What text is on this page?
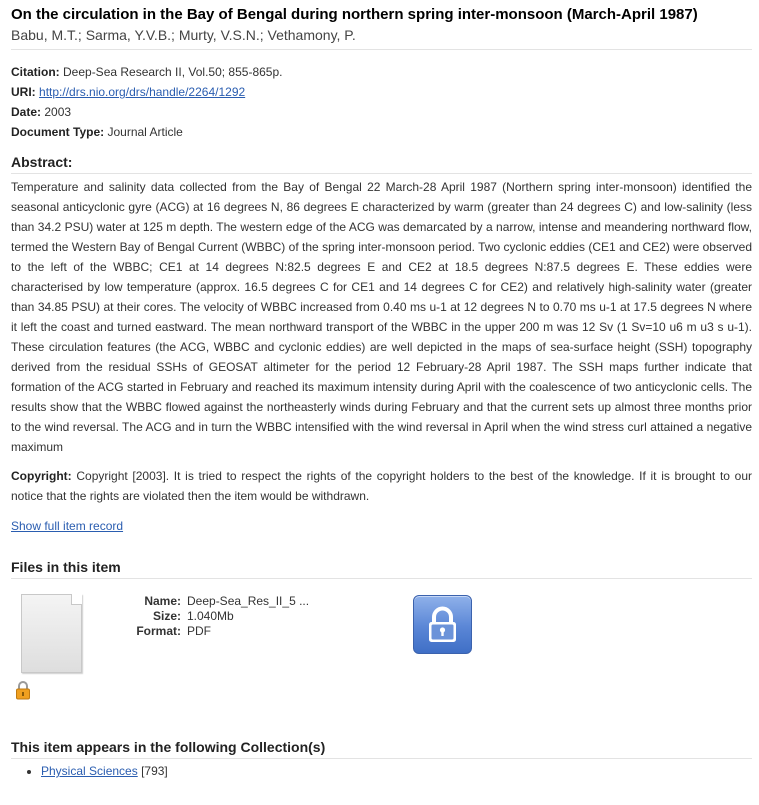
On the circulation in the Bay of Bengal during northern spring inter-monsoon (March-April 1987)
Babu, M.T.; Sarma, Y.V.B.; Murty, V.S.N.; Vethamony, P.
Citation: Deep-Sea Research II, Vol.50; 855-865p.
URI: http://drs.nio.org/drs/handle/2264/1292
Date: 2003
Document Type: Journal Article
Abstract:
Temperature and salinity data collected from the Bay of Bengal 22 March-28 April 1987 (Northern spring inter-monsoon) identified the seasonal anticyclonic gyre (ACG) at 16 degrees N, 86 degrees E characterized by warm (greater than 24 degrees C) and low-salinity (less than 34.2 PSU) water at 125 m depth. The western edge of the ACG was demarcated by a narrow, intense and meandering northward flow, termed the Western Bay of Bengal Current (WBBC) of the spring inter-monsoon period. Two cyclonic eddies (CE1 and CE2) were observed to the left of the WBBC; CE1 at 14 degrees N:82.5 degrees E and CE2 at 18.5 degrees N:87.5 degrees E. These eddies were characterised by low temperature (approx. 16.5 degrees C for CE1 and 14 degrees C for CE2) and relatively high-salinity water (greater than 34.85 PSU) at their cores. The velocity of WBBC increased from 0.40 ms u-1 at 12 degrees N to 0.70 ms u-1 at 17.5 degrees N where it left the coast and turned eastward. The mean northward transport of the WBBC in the upper 200 m was 12 Sv (1 Sv=10 u6 m u3 s u-1). These circulation features (the ACG, WBBC and cyclonic eddies) are well depicted in the maps of sea-surface height (SSH) topography derived from the residual SSHs of GEOSAT altimeter for the period 12 February-28 April 1987. The SSH maps further indicate that formation of the ACG started in February and reached its maximum intensity during April with the coalescence of two anticyclonic cells. The results show that the WBBC flowed against the northeasterly winds during February and that the current sets up almost three months prior to the wind reversal. The ACG and in turn the WBBC intensified with the wind reversal in April when the wind stress curl attained a negative maximum
Copyright: Copyright [2003]. It is tried to respect the rights of the copyright holders to the best of the knowledge. If it is brought to our notice that the rights are violated then the item would be withdrawn.
Show full item record
Files in this item
Name: Deep-Sea_Res_II_5 ...
Size: 1.040Mb
Format: PDF
This item appears in the following Collection(s)
• Physical Sciences [793]
